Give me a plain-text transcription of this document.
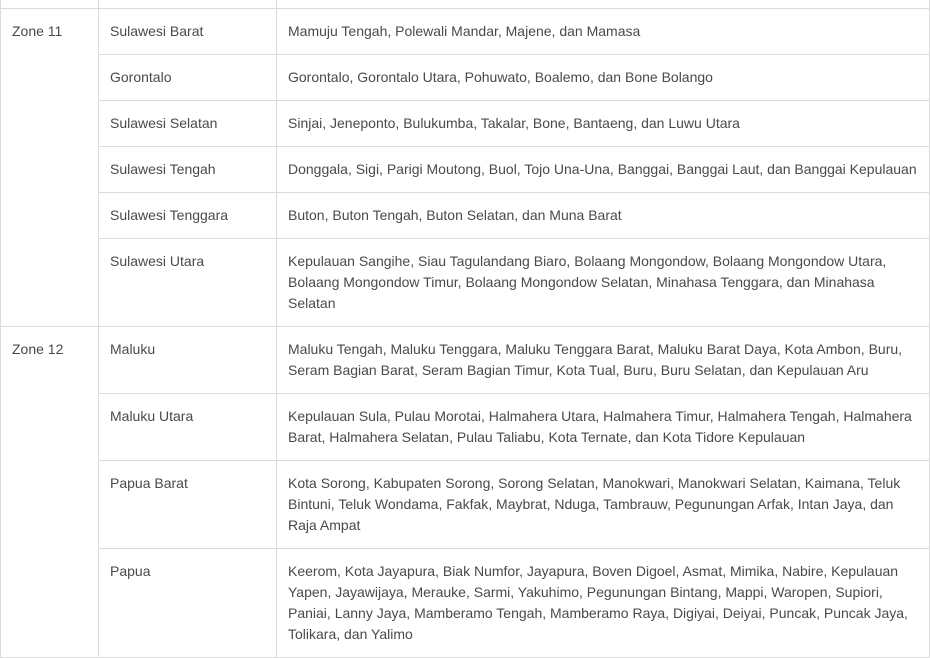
Zone 11	Sulawesi Barat	Mamuju Tengah, Polewali Mandar, Majene, dan Mamasa

	Gorontalo	Gorontalo, Gorontalo Utara, Pohuwato, Boalemo, dan Bone Bolango

	Sulawesi Selatan	Sinjai, Jeneponto, Bulukumba, Takalar, Bone, Bantaeng, dan Luwu Utara

	Sulawesi Tengah	Donggala, Sigi, Parigi Moutong, Buol, Tojo Una-Una, Banggai, Banggai Laut, dan Banggai Kepulauan

	Sulawesi Tenggara	Buton, Buton Tengah, Buton Selatan, dan Muna Barat

	Sulawesi Utara	Kepulauan Sangihe, Siau Tagulandang Biaro, Bolaang Mongondow, Bolaang Mongondow Utara, Bolaang Mongondow Timur, Bolaang Mongondow Selatan, Minahasa Tenggara, dan Minahasa Selatan

Zone 12	Maluku	Maluku Tengah, Maluku Tenggara, Maluku Tenggara Barat, Maluku Barat Daya, Kota Ambon, Buru, Seram Bagian Barat, Seram Bagian Timur, Kota Tual, Buru, Buru Selatan, dan Kepulauan Aru

	Maluku Utara	Kepulauan Sula, Pulau Morotai, Halmahera Utara, Halmahera Timur, Halmahera Tengah, Halmahera Barat, Halmahera Selatan, Pulau Taliabu, Kota Ternate, dan Kota Tidore Kepulauan

	Papua Barat	Kota Sorong, Kabupaten Sorong, Sorong Selatan, Manokwari, Manokwari Selatan, Kaimana, Teluk Bintuni, Teluk Wondama, Fakfak, Maybrat, Nduga, Tambrauw, Pegunungan Arfak, Intan Jaya, dan Raja Ampat

	Papua	Keerom, Kota Jayapura, Biak Numfor, Jayapura, Boven Digoel, Asmat, Mimika, Nabire, Kepulauan Yapen, Jayawijaya, Merauke, Sarmi, Yakuhimo, Pegunungan Bintang, Mappi, Waropen, Supiori, Paniai, Lanny Jaya, Mamberamo Tengah, Mamberamo Raya, Digiyai, Deiyai, Puncak, Puncak Jaya, Tolikara, dan Yalimo
